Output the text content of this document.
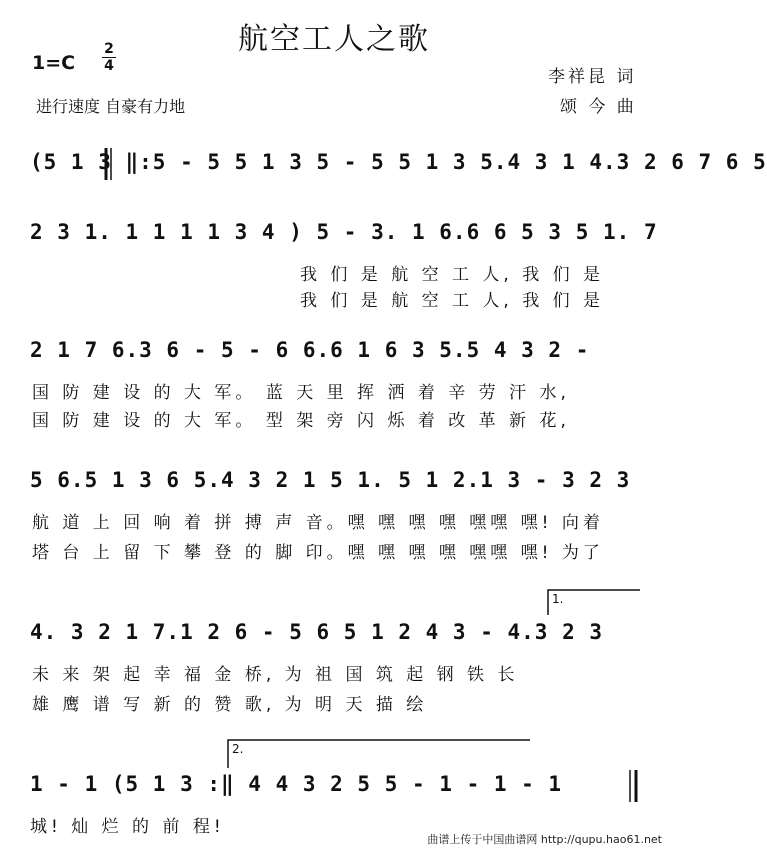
航空工人之歌
1=C
2
4
李祥昆 词
颂 今 曲
进行速度 自豪有力地
(5 1 3 ‖:5 - 5 5 1 3 5 - 5 5 1 3 5.4 3 1 4.3 2 6 7 6 5
2 3 1. 1 1 1 1 3 4 ) 5 - 3. 1 6.6 6 5 3 5 1. 7
我 们 是 航 空 工 人, 我 们 是
我 们 是 航 空 工 人, 我 们 是
2 1 7 6.3 6 - 5 - 6 6.6 1 6 3 5.5 4 3 2 -
国 防 建 设 的 大 军。 蓝 天 里 挥 洒 着 辛 劳 汗 水,
国 防 建 设 的 大 军。 型 架 旁 闪 烁 着 改 革 新 花,
5 6.5 1 3 6 5.4 3 2 1 5 1. 5 1 2.1 3 - 3 2 3
航 道 上 回 响 着 拼 搏 声 音。嘿 嘿 嘿 嘿 嘿嘿 嘿! 向着
塔 台 上 留 下 攀 登 的 脚 印。嘿 嘿 嘿 嘿 嘿嘿 嘿! 为了
4. 3 2 1 7.1 2 6 - 5 6 5 1 2 4 3 - 4.3 2 3
未 来 架 起 幸 福 金 桥, 为 祖 国 筑 起 钢 铁 长
雄 鹰 谱 写 新 的 赞 歌, 为 明 天 描 绘
1 - 1 (5 1 3 :‖ 4 4 3 2 5 5 - 1 - 1 - 1
城! 灿 烂 的 前 程!
1.
2.
曲谱上传于中国曲谱网 http://qupu.hao61.net
